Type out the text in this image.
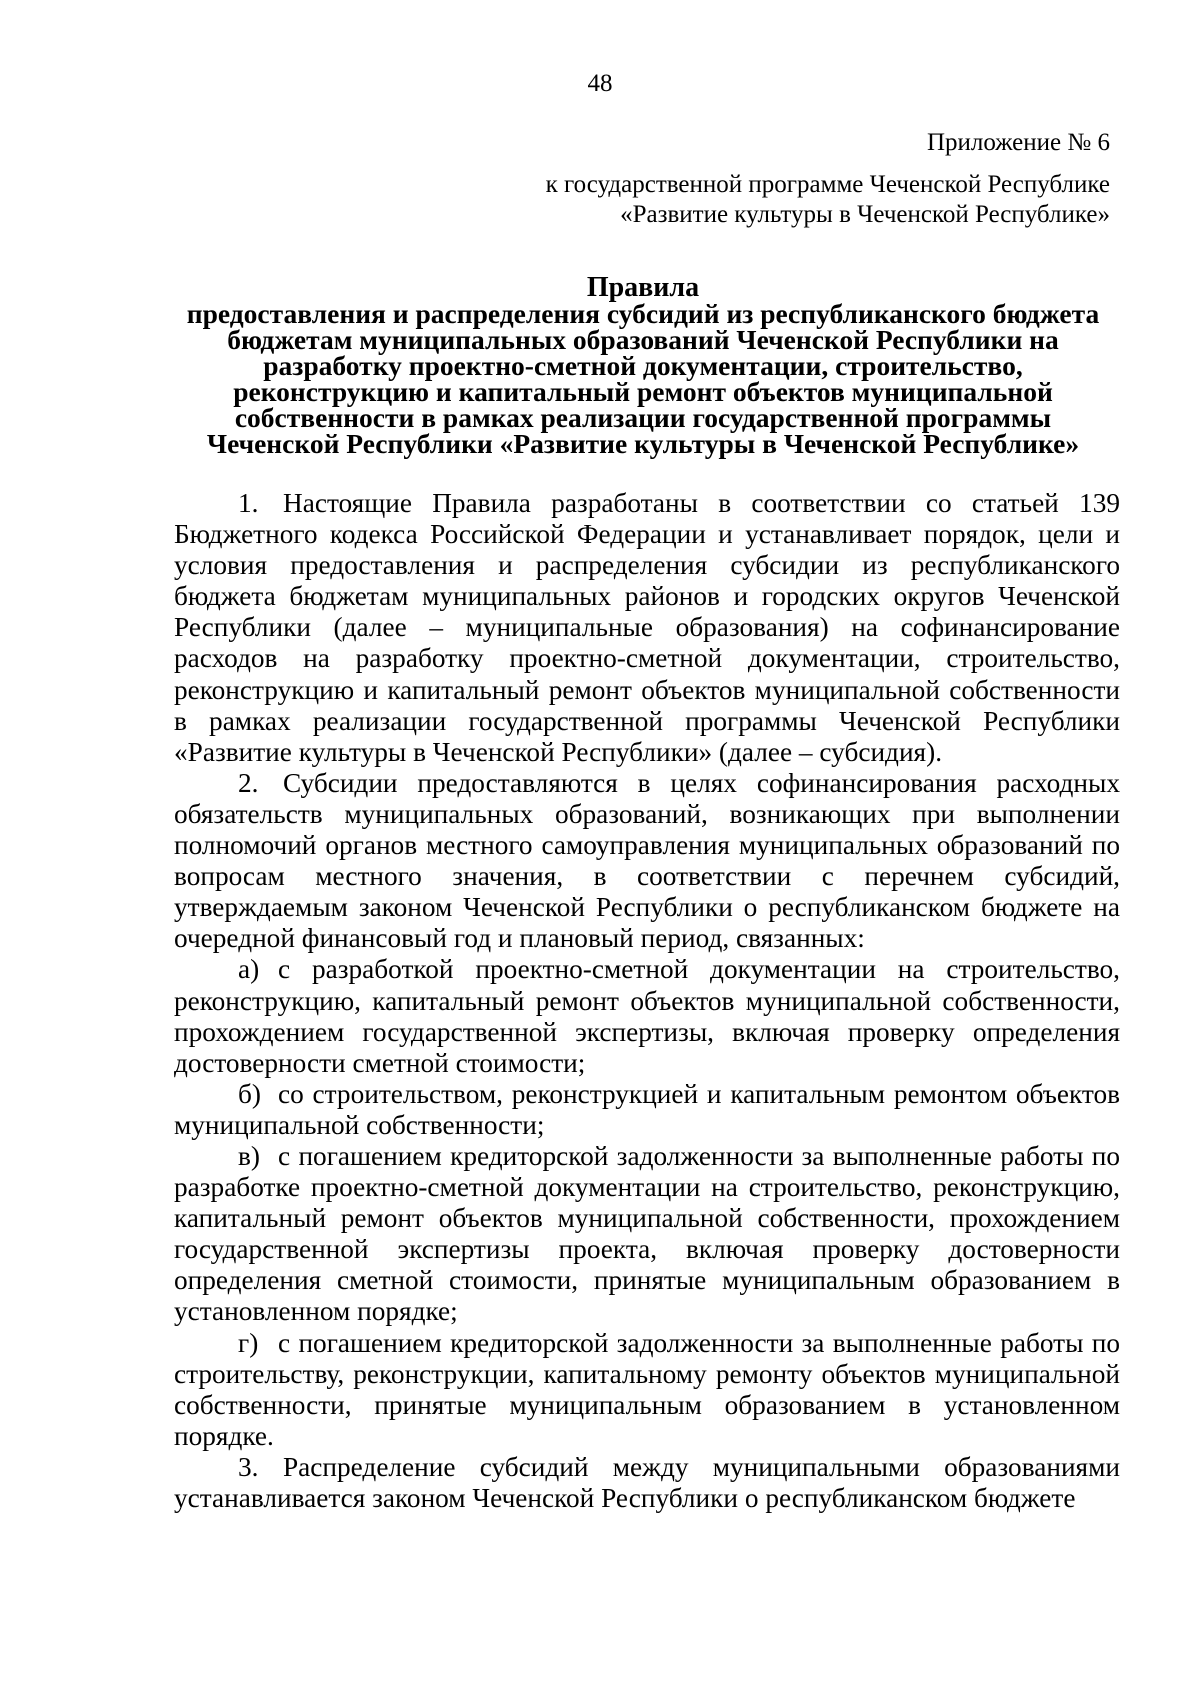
48
Приложение № 6
к государственной программе Чеченской Республике
«Развитие культуры в Чеченской Республике»
Правила
предоставления и распределения субсидий из республиканского бюджета
бюджетам муниципальных образований Чеченской Республики на
разработку проектно-сметной документации, строительство,
реконструкцию и капитальный ремонт объектов муниципальной
собственности в рамках реализации государственной программы
Чеченской Республики «Развитие культуры в Чеченской Республике»

1. Настоящие Правила разработаны в соответствии со статьей 139 Бюджетного кодекса Российской Федерации и устанавливает порядок, цели и условия предоставления и распределения субсидии из республиканского бюджета бюджетам муниципальных районов и городских округов Чеченской Республики (далее – муниципальные образования) на софинансирование расходов на разработку проектно-сметной документации, строительство, реконструкцию и капитальный ремонт объектов муниципальной собственности в рамках реализации государственной программы Чеченской Республики «Развитие культуры в Чеченской Республики» (далее – субсидия).

2. Субсидии предоставляются в целях софинансирования расходных обязательств муниципальных образований, возникающих при выполнении полномочий органов местного самоуправления муниципальных образований по вопросам местного значения, в соответствии с перечнем субсидий, утверждаемым законом Чеченской Республики о республиканском бюджете на очередной финансовый год и плановый период, связанных:

а) с разработкой проектно-сметной документации на строительство, реконструкцию, капитальный ремонт объектов муниципальной собственности, прохождением государственной экспертизы, включая проверку определения достоверности сметной стоимости;

б) со строительством, реконструкцией и капитальным ремонтом объектов муниципальной собственности;

в) с погашением кредиторской задолженности за выполненные работы по разработке проектно-сметной документации на строительство, реконструкцию, капитальный ремонт объектов муниципальной собственности, прохождением государственной экспертизы проекта, включая проверку достоверности определения сметной стоимости, принятые муниципальным образованием в установленном порядке;

г) с погашением кредиторской задолженности за выполненные работы по строительству, реконструкции, капитальному ремонту объектов муниципальной собственности, принятые муниципальным образованием в установленном порядке.

3. Распределение субсидий между муниципальными образованиями устанавливается законом Чеченской Республики о республиканском бюджете
